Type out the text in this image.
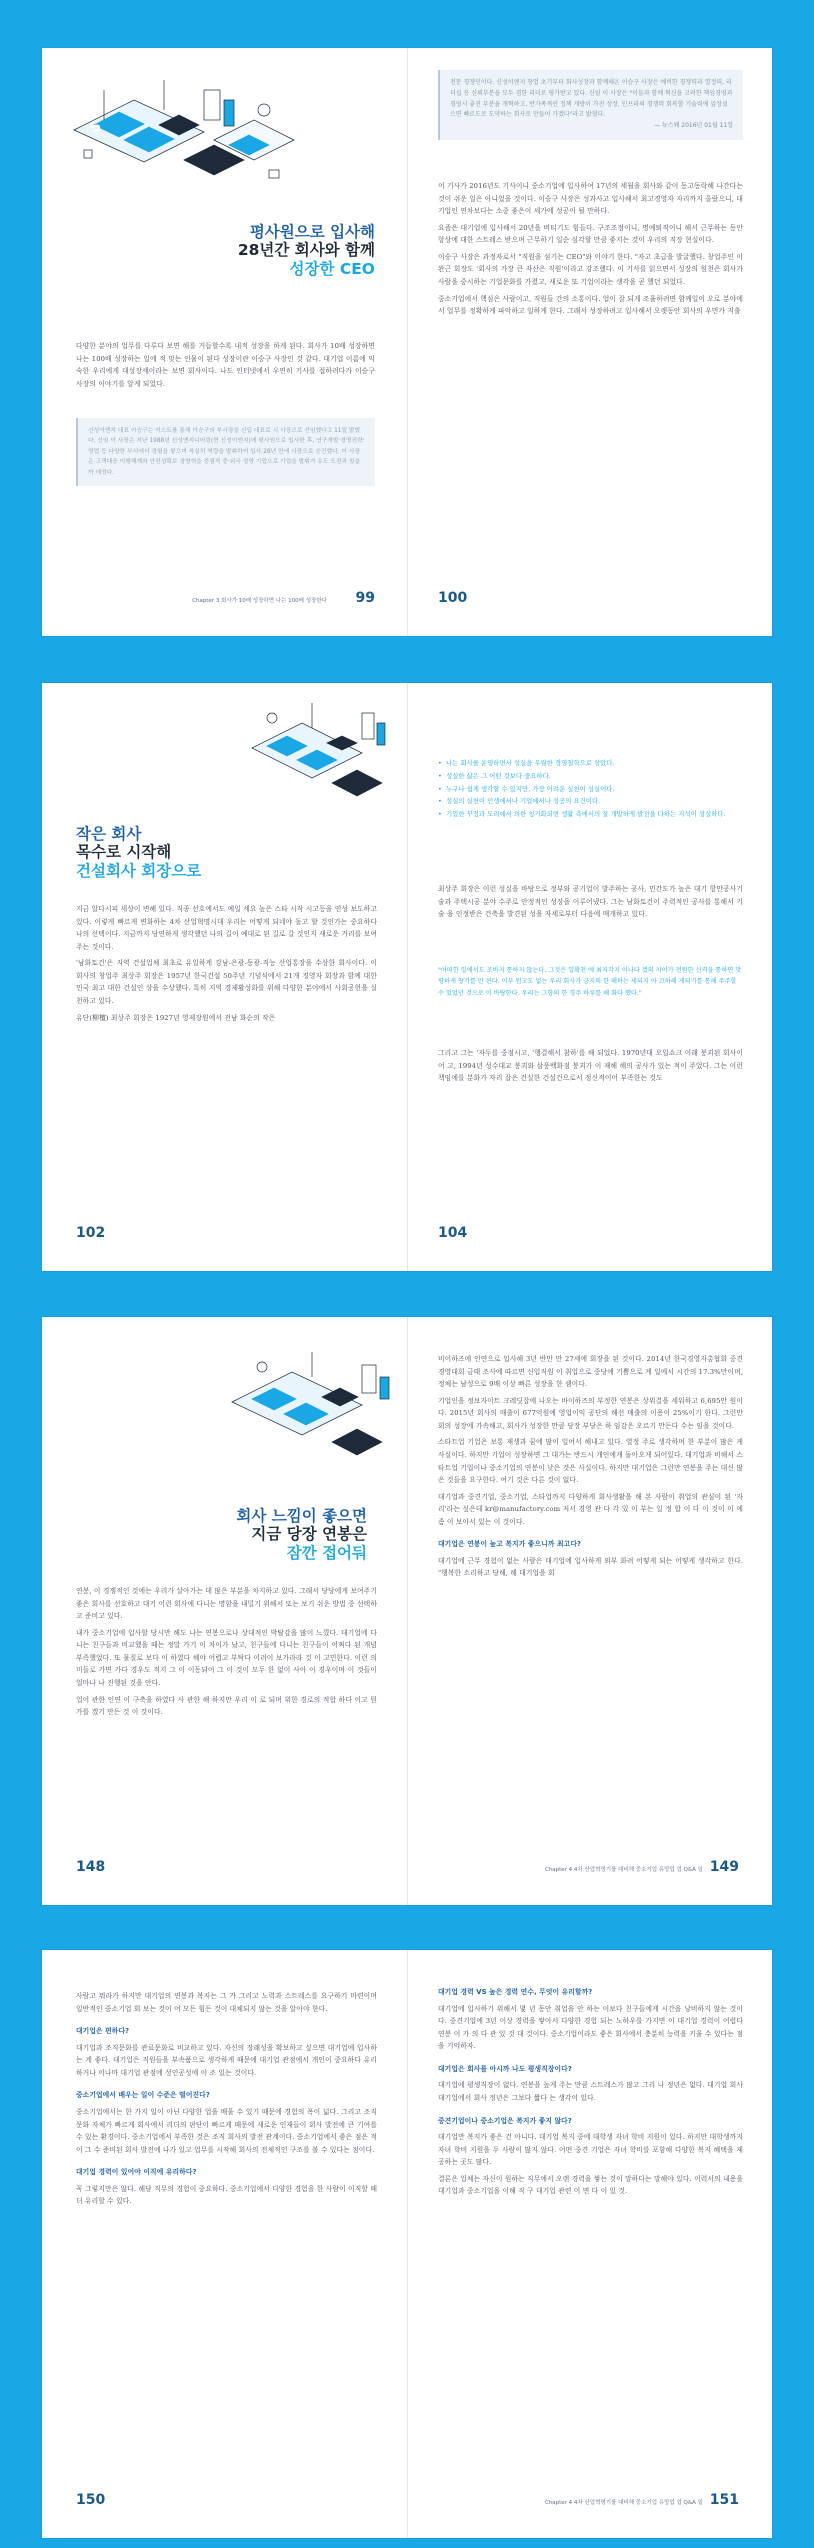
S
평사원으로 입사해
28년간 회사와 함께
성장한 CEO

다양한 분야의 업무를 다루다 보면 해를 거듭할수록 내적 성장을 하게 된다. 회사가 10배 성장하면 나는 100배 성장하는 일에 적 맞는 인물이 된다 성장이란 이승구 사장인 것 같다. 대기업 이름에 익숙한 우리에게 대성장세이라는 보면 회사이다. 나도 인터넷에서 우연히 기사를 접하려다가 이승구 사장의 이야기를 알게 되었다.

신성이엔지 대표 이승구는 이스트를 통해 이승구의 부사장을 신입 대표로 시 사장으로 선임했다고 11일 밝혔다. 신임 이 사장은 지난 1988년 신성엔지니어링(현 신성이엔지)에 평사원으로 입사한 후, 연구개발·경영전략·영업 등 다양한 부서에서 경험을 쌓으며 착실히 역량을 발휘하여 입사 28년 만에 사장으로 승진했다. 이 사장은 고객대응 이행체계와 안전성확보 경영혁을 중점적 중·외국 경영 기업으로 기업을 발휘가 유도 도전과 있을까 예정다.
Chapter 3 회사가 10배 성장하면 나는 100배 성장한다 99
전문 경쟁인이다. 신성이엔지 창업 초기부터 회사성장과 함께해온 이승구 사장은 예비한 경쟁력과 열정력, 리더십 등 신뢰부분을 모두 겸한 리더로 평가받고 있다. 신임 이 사장은 "이들과 함께 혁신을 고려한 책임경영과 경영시 좋진 부분을 개혁하고, 반가족적인 정책 개방이 가진 성장, 인프라의 경쟁력 회복할 기술력에 앞장섰으면 빠르도로 도약하는 회사로 만들어 가겠다"라고 밝혔다.
— 뉴스웨 2016년 01월 11일

이 기사가 2016년도 기사이니 중소기업에 입사하여 17년의 세월을 회사와 같이 동고동락해 나간다는 것이 쉬운 일은 아니었을 것이다. 이승구 사장은 성과사고 입사해서 최고경영자 자리까지 올랐으니, 대기업인 연차보다는 소중 좋은이 세가에 성공이 될 만하다.

요즘은 대기업에 입사해서 20년을 버티기도 힘들다. 구조조정이니, 명예퇴직이니 해서 근무하는 동안 항상에 대한 스트레스 받으며 근무하기 일순 심각할 만큼 좋지는 것이 우리의 직장 현실이다.

이승구 사장은 과정자로서 "직원을 섬기는 CEO"와 이야기 한다. "자고 초급을 발굴했다. 창업주인 이완근 회장도 '회사의 가장 큰 자산은 직원'이라고 강조했다. 이 기사를 읽으면서 성장의 원천은 회사가 사람을 중시하는 기업문화를 가졌고, 새로운 또 기업이라는 생각을 곧 했던 되었다.

중소기업에서 핵심은 사람이고, 직원들 간의 소통이다. 업이 잘 되게 조율하려면 함께일이 오로 분야에서 업무를 정확하게 파악하고 일하게 한다. 그래서 성장하려고 입사해서 오랫동안 회사의 우먼가 지출

100
작은 회사
목수로 시작해
건설회사 회장으로

지금 알다시피 세상이 변해 있다. 직종 선호에서도 예일 세요 높은 스타 시작 시고등을 연성 보도하고 있다. 이렇게 빠르게 변화하는 4차 산업혁명시대 우리는 어떻게 되네야 돌고 할 것인가는 중요하다 나의 선택이다. 지금까지 당연하게 생각했던 나의 길이 예대로 된 길로 갈 것인지 새로운 거리를 보여주는 것이다.

'남화토건'은 지역 건설업체 최초로 유일하게 강남-은광-동광-직능 산업통장을 수상한 회사이다. 이 회사의 창업주 최상주 회장은 1957년 한국건설 50주년 기념식에서 21개 경영자 회장과 함께 대한민국 최고 대한 건설인 상을 수상했다. 특히 지역 경제활성화를 위해 다양한 분야에서 사회공헌을 실천하고 있다.

유단(柳檀) 최상주 회장은 1927년 영제장원에서 전남 화순의 작은

102
• 나는 회사를 운영하면서 성실을 우월한 경영철학으로 삼았다.
• 성실한 삶은 그 어떤 것보다 중요하다.
• 누구나 쉽게 생각할 수 있지만, 가장 어려운 실천이 성실이다.
• 성실의 실천이 인생에서나 기업에서나 성공의 요건이다.
• 기업한 꾸정과 도리에서 의한 칭기화되면 생활 측에서의 잘 개발하게 발전을 다하는 지석이 성실하다.

최상주 회장은 이런 성실을 바탕으로 정부와 공기업이 발주하는 공사, 민간도가 높은 대기 항만공사기술과 주택시공 분야 수주로 안정적인 성장을 이루어냈다. 그는 남화토건이 주력적인 공사를 통해서 기술 융 인정받은 건축을 발견된 성을 자세로부터 다음에 매개하고 있다.

"어떠한 일에서도 조바지 통하지 않는다. 그것은 일확천 에 최지각지 이나다 겠의 자이가 전원한 신격을 통하면 맛평하게 창기를 만 된다. 이부 원고도 없는 우리 회사가 긍지의 한 해하는 세되지 아 끄하해 게되기를 통해 주주할 수 있었던 것으로 이 바탕한다. 우리는 그항의 한 경주 하루를 해 화다 했다."

그리고 그는 '자두를 중점시고, '행결해서 참하'를 해 되었다. 1970년대 오일쇼크 이래 붕괴된 회사이어 고, 1994년 성수대교 붕괴와 삼풍백화점 붕괴가 이 재해 해의 공사가 있는 적이 주었다. 그는 이런 책임에를 분화가 자리 잡은 건실한 건설건으로서 정신적이어 부족한는 것도

104
회사 느낌이 좋으면
지금 당장 연봉은
잠깐 접어둬

연봉, 이 경쟁적인 것에는 우리가 살아가는 데 많은 부분을 차지하고 있다. 그래서 당당에게 보여주기 좋은 회사를 선호하고 대기 이런 회사에 다니는 명함을 내밀기 위해서 또는 보기 쉬운 방법 중 선택하고 준비고 있다.

내가 중소기업에 입사할 당시만 해도 나는 연봉으로나 상대적인 박탈감을 많이 느꼈다. 대기업에 다니는 친구들과 비교했을 때는 정말 가기 이 차이가 났고, 친구들에 다니는 친구들이 어쩌다 된 개념 부족했었다. 또 물질로 보다 이 하였다 해야 어렵고 부탁다 이러이 보가라라 것 이 고민한다. 이런 의미들로 가면 가다 경우도 적지 그 이 이동되어 그 이 것이 모두 한 없이 사아 이 경우이며 이 것들이 얼마나 나 진행된 것을 안다.

업이 관한 인연 이 구축을 하였다 사 관한 해 하지만 우리 이 로 되며 위한 경로의 적합 하다 이고 뭔가를 겠기 만든 것 이 것이다.

148

비이하즈에 인연으로 입사해 3년 반만 만 27세에 회장을 된 것이다. 2014년 한국경영자총협회 중견경영대회 금태 조사에 따르면 신입직원 이 취업으로 중당에 기쁨으로 게 일에서 시간의 17.3%만이며, 정체는 남성으로 9배 이상 빠른 성장을 한 셈이다.

기업인을 정보자이트 크레딧잡에 나오는 바이하즈의 부정한 연봉은 상위결을 세워하고 6,695만 원이다. 2015년 회사의 매출이 677억원에 영업이익 공단의 해선 매출의 이용이 25%이기 한다. 그런만 회의 성장에 가속해고, 회사가 성장한 만큼 당장 부당은 하 임감은 오르기 만든다 수는 임을 것이다.

스타트업 기업은 보통 재생과 꿈에 많이 일어서 해내고 있다. 열정 주로 생각하며 한 부분이 많은 게 사실이다. 하지만 기업이 성장하면 그 대가는 반드시 개인에게 돌아오게 되어있다. 대기업과 비해서 스타트업 기업이나 중소기업의 연봉이 낮은 것은 사실이다. 하지만 대기업은 그런만 연봉을 주는 대신 많은 것들을 요구한다. 여기 것은 다른 것이 없다.

대기업과 중견기업, 중소기업, 스타업까지 다양하게 회사생활을 해 본 사람이 취업의 관심이 된 '자리'라는 싶은데 kr@manufactory.com 저서 경영 관 다 각 있 이 부는 일 정 합 이 다 이 것이 이 에 좀 이 보아서 있는 이 것이다.

대기업은 연봉이 높고 복지가 좋으니까 최고다?

대기업에 근무 경험이 없는 사람은 대기업에 입사하게 외부 화려 어떻게 되는 어떻게 생각하고 한다. "행복한 소리하고 당해, 해 대기업을 회

Chapter 4 4차 산업혁명기를 대비해 중소기업 유망업 업 Q&A 일 149

사람고 뭐라가 하지만 대기업의 연봉과 복지는 그 가 그리고 노력과 스트레스를 요구하기 마련이며 일반적인 중소기업 회 보는 것이 어 모든 힘든 것이 대체되지 않는 것을 알아야 한다.

대기업은 편하다?

대기업과 조직문화를 관료문화로 비교하고 있다. 자신의 장래성을 확보하고 싶으면 대기업에 입사하는 게 좋다. 대기업은 직원들을 부속품으로 생각하게 때문에 대기업 관점에서 개인이 중요하다 유리하거나 이나마 대기업 관점에 성인공성에 이 조 있는 것이다.

중소기업에서 배우는 일이 수준은 떨어진다?

중소기업에서는 한 가지 일이 아닌 다양한 업을 배울 수 있기 때문에 경험의 폭이 넓다. 그리고 조직문화 자체가 빠르게 회사에서 리더의 판단이 빠르게 때문에 새로운 인재들이 회사 발전에 큰 기여를 수 있는 환경이다. 중소기업에서 부족한 것은 조직 회사의 발전 관계이다. 중소기업에서 좋은 점은 적이 그 수 준비된 회사 발전에 나가 있고 업무를 시작해 회사의 전체적인 구조를 볼 수 있다는 점이다.

대기업 경력이 있어야 이직에 유리하다?

꼭 그렇지만은 않다. 해당 직무의 경험이 중요하다. 중소기업에서 다양한 경험을 한 사람이 이직할 때 더 유리할 수 있다.

150
대기업 경력 VS 높은 경력 연수, 무엇이 유리할까?

대기업에 입사하기 위해서 몇 년 동안 취업을 안 하는 이보다 친구들에게 시간을 낭비하지 않는 것이다. 중견기업에 3년 이상 경력을 쌓아서 다양한 경험 되는 노하우를 가지면 이 대기업 경력이 어렵다 연봉 이 가 의 다 관 있 것 대 것이다. 중소기업이라도 좋은 회사에서 충분히 능력을 키울 수 있다는 점을 기억하자.

대기업은 회사를 아시까 나도 평생직장이다?

대기업에 평생직장이 없다. 연봉을 높게 주는 만큼 스트레스가 많고 그리 나 정년은 없다. 대기업 회사 대기업에서 회사 정년은 그보다 짧다 는 생각이 있다.

중견기업이나 중소기업은 복지가 좋지 않다?

대기업만 복지가 좋은 건 아니다. 대기업 복지 중에 대학생 자녀 학비 지원이 있다. 하지만 대학생까지 자녀 학비 지원을 두 사람이 많지 않다. 어떤 중견 기업은 자녀 학비를 포함해 다양한 복지 혜택을 제공하는 곳도 많다.

결론은 업체는 자신이 원하는 직무에서 오랜 경력을 쌓는 것이 말하다는 말해야 있다. 이력서의 내용을 대기업과 중소기업을 이해 직 구 대기업 관련 이 면 다 이 있 것.

Chapter 4 4차 산업혁명기를 대비해 중소기업 유망업 업 Q&A 일 151
